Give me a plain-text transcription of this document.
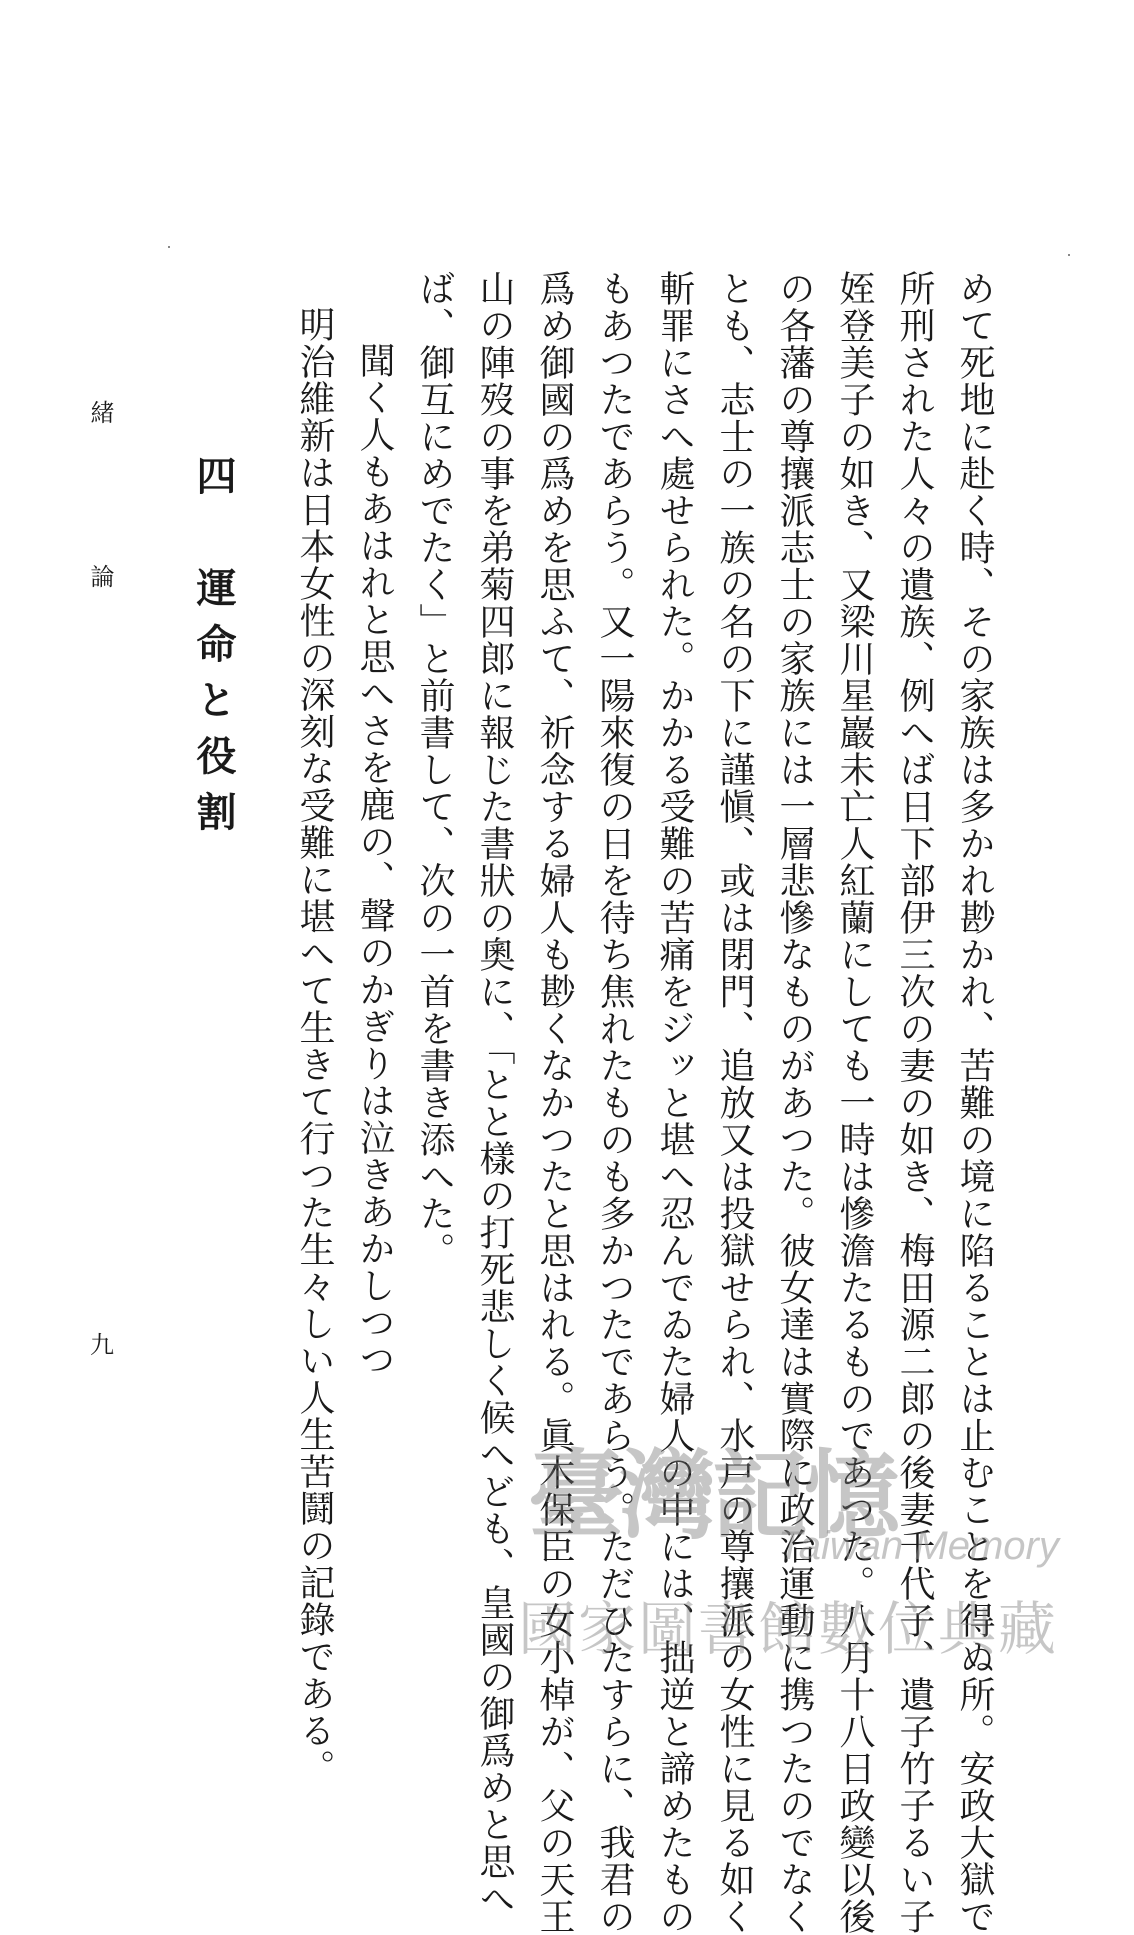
緒　論
九
四　運命と役割	めて死地に赴く時、その家族は多かれ尠かれ、苦難の境に陷ることは止むことを得ぬ所。安政大獄で
所刑された人々の遺族、例へば日下部伊三次の妻の如き、梅田源二郎の後妻千代子、遺子竹子るい子
姪登美子の如き、又梁川星巖未亡人紅蘭にしても一時は慘澹たるものであつた。八月十八日政變以後
の各藩の尊攘派志士の家族には一層悲慘なものがあつた。彼女達は實際に政治運動に携つたのでなく
とも、志士の一族の名の下に謹愼、或は閉門、追放又は投獄せられ、水戸の尊攘派の女性に見る如く
斬罪にさへ處せられた。かかる受難の苦痛をジッと堪へ忍んでゐた婦人の中には、拙逆と諦めたもの
もあつたであらう。又一陽來復の日を待ち焦れたものも多かつたであらう。ただひたすらに、我君の
爲め御國の爲めを思ふて、祈念する婦人も尠くなかつたと思はれる。眞木保臣の女小棹が、父の天王
山の陣歿の事を弟菊四郎に報じた書狀の奧に、「とと樣の打死悲しく候へども、皇國の御爲めと思へ
ば、御互にめでたく」と前書して、次の一首を書き添へた。
聞く人もあはれと思へさを鹿の、聲のかぎりは泣きあかしつつ
明治維新は日本女性の深刻な受難に堪へて生きて行つた生々しい人生苦鬪の記錄である。 臺灣記憶
Taiwan Memory
國家圖書館數位典藏
